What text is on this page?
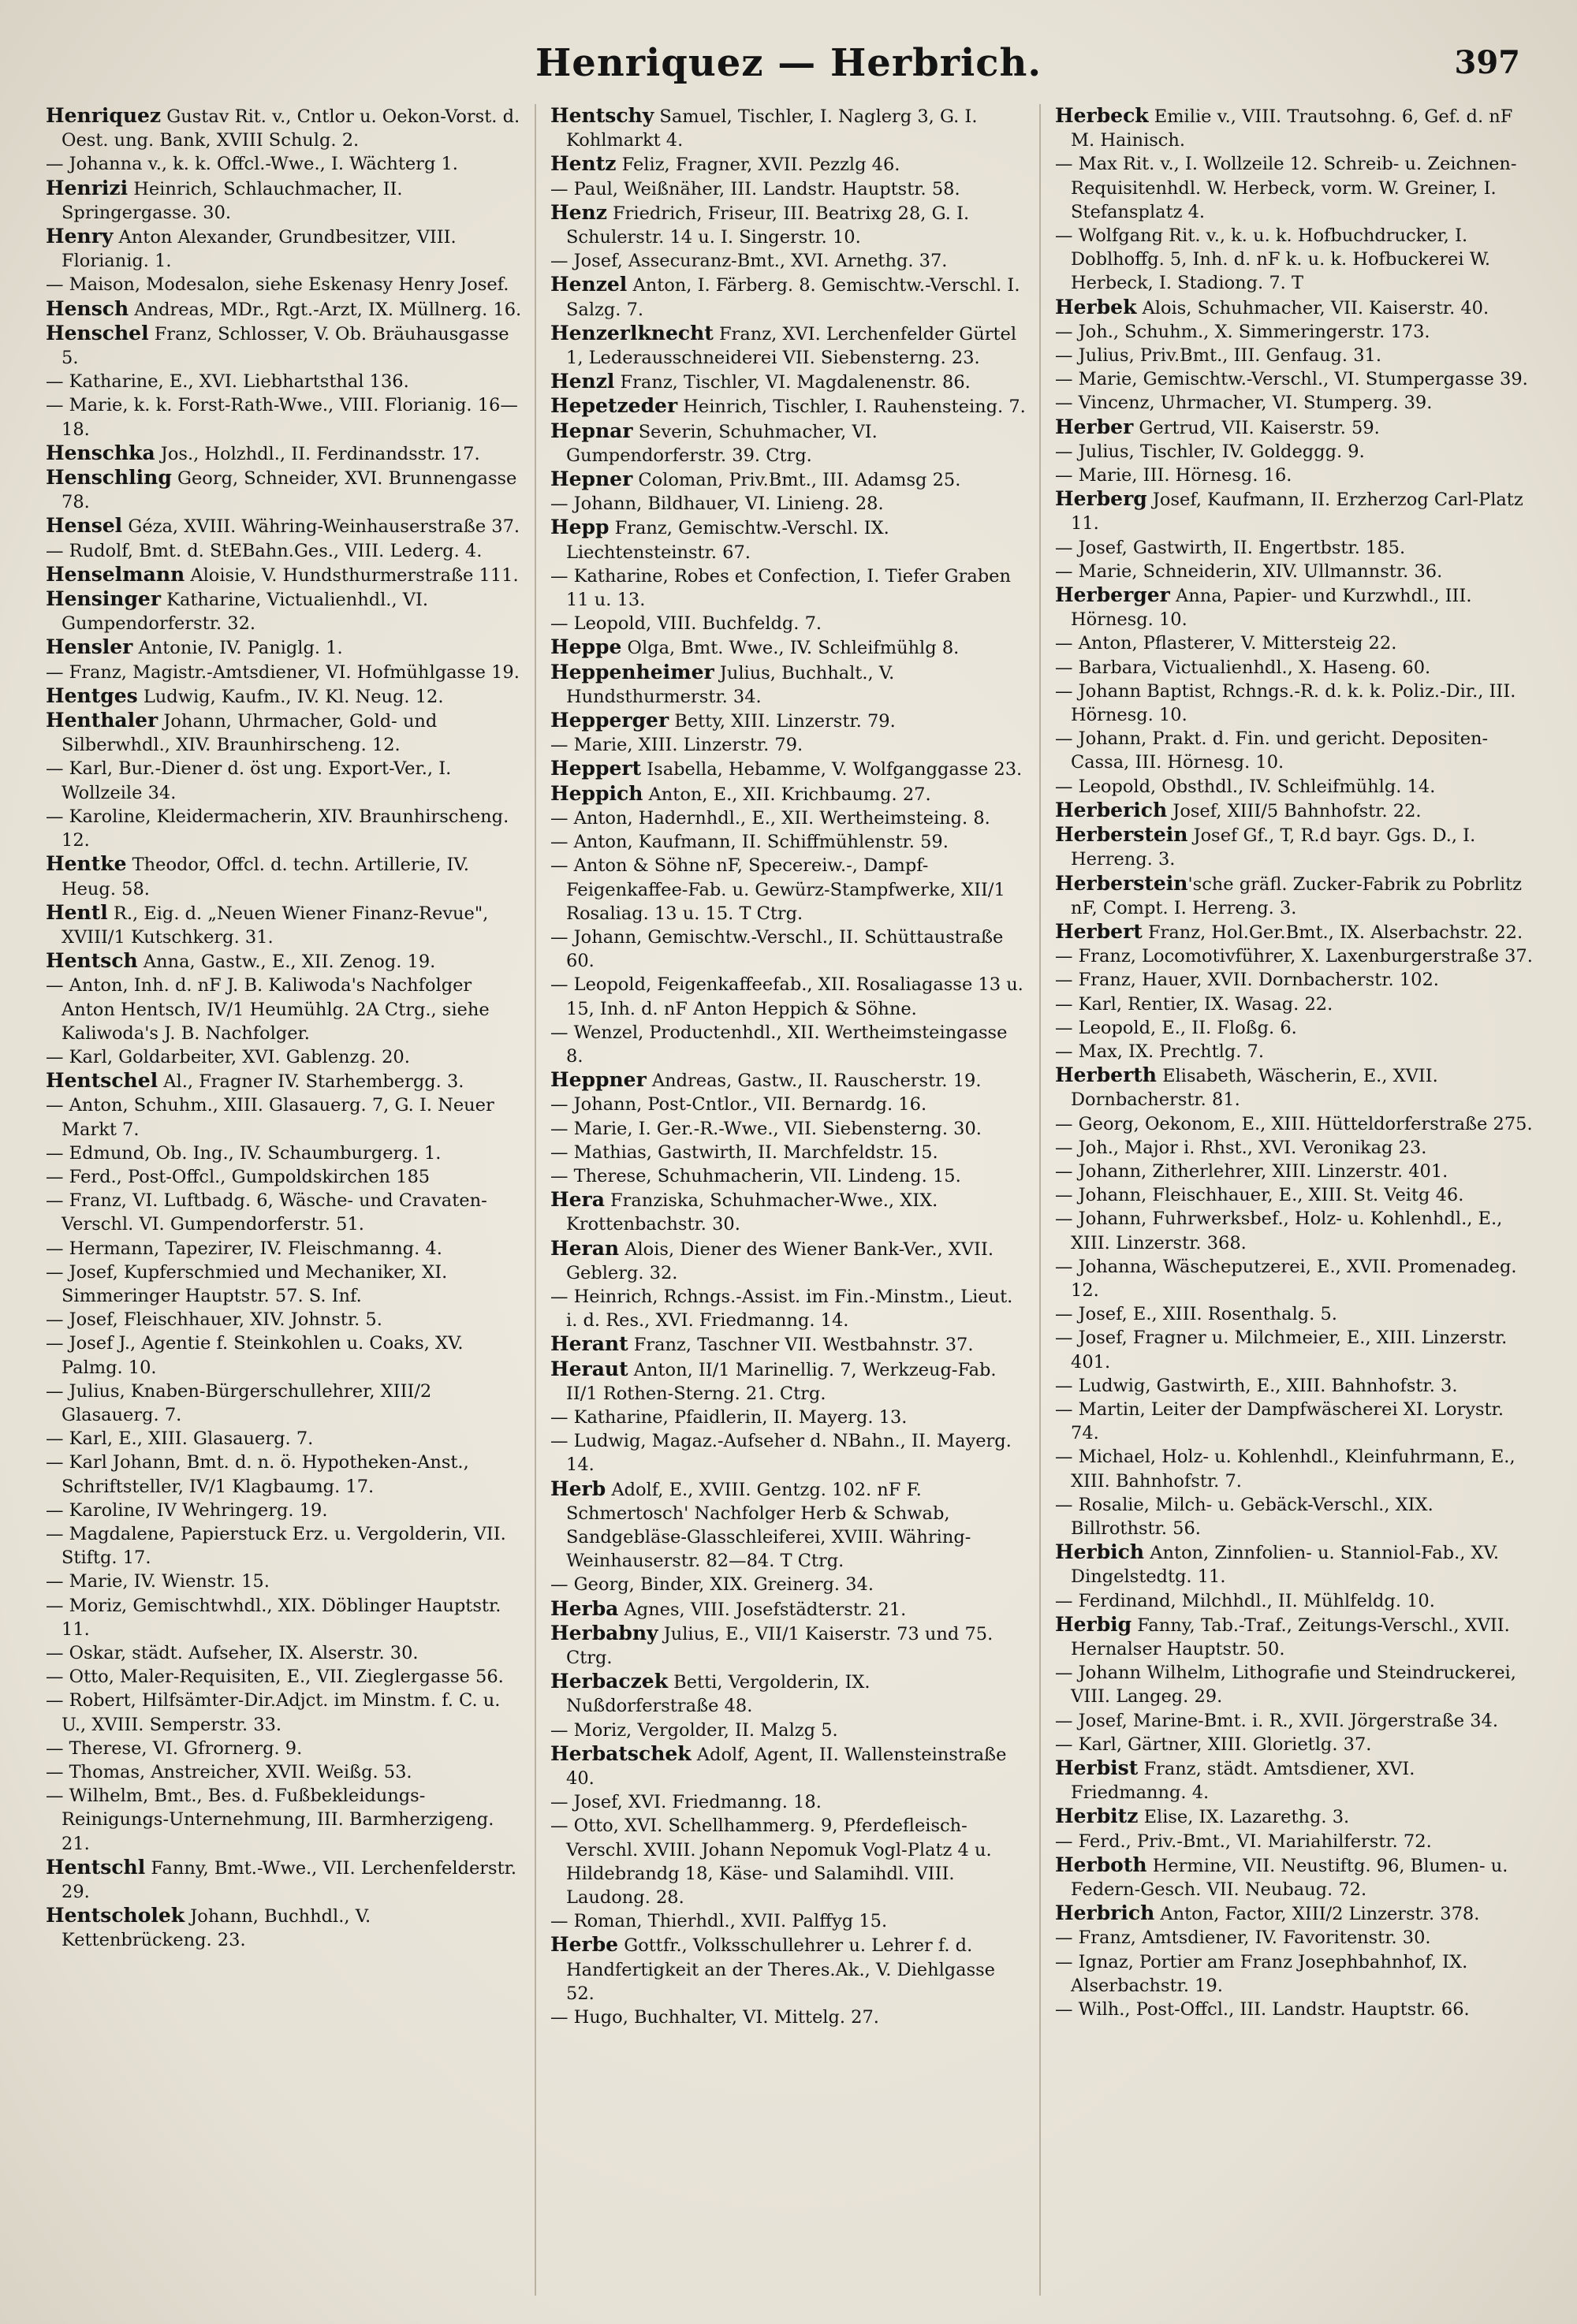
Henriquez — Herbrich.	397

Henriquez Gustav Rit. v., Cntlor u. Oekon-Vorst. d. Oest. ung. Bank, XVIII Schulg. 2.

— Johanna v., k. k. Offcl.-Wwe., I. Wächterg 1.

Henrizi Heinrich, Schlauchmacher, II. Springergasse. 30.

Henry Anton Alexander, Grundbesitzer, VIII. Florianig. 1.

— Maison, Modesalon, siehe Eskenasy Henry Josef.

Hensch Andreas, MDr., Rgt.-Arzt, IX. Müllnerg. 16.

Henschel Franz, Schlosser, V. Ob. Bräuhausgasse 5.

— Katharine, E., XVI. Liebhartsthal 136.

— Marie, k. k. Forst-Rath-Wwe., VIII. Florianig. 16—18.

Henschka Jos., Holzhdl., II. Ferdinandsstr. 17.

Henschling Georg, Schneider, XVI. Brunnengasse 78.

Hensel Géza, XVIII. Währing-Weinhauserstraße 37.

— Rudolf, Bmt. d. StEBahn.Ges., VIII. Lederg. 4.

Henselmann Aloisie, V. Hundsthurmerstraße 111.

Hensinger Katharine, Victualienhdl., VI. Gumpendorferstr. 32.

Hensler Antonie, IV. Paniglg. 1.

— Franz, Magistr.-Amtsdiener, VI. Hofmühlgasse 19.

Hentges Ludwig, Kaufm., IV. Kl. Neug. 12.

Henthaler Johann, Uhrmacher, Gold- und Silberwhdl., XIV. Braunhirscheng. 12.

— Karl, Bur.-Diener d. öst ung. Export-Ver., I. Wollzeile 34.

— Karoline, Kleidermacherin, XIV. Braunhirscheng. 12.

Hentke Theodor, Offcl. d. techn. Artillerie, IV. Heug. 58.

Hentl R., Eig. d. „Neuen Wiener Finanz-Revue", XVIII/1 Kutschkerg. 31.

Hentsch Anna, Gastw., E., XII. Zenog. 19.

— Anton, Inh. d. nF J. B. Kaliwoda's Nachfolger Anton Hentsch, IV/1 Heumühlg. 2A Ctrg., siehe Kaliwoda's J. B. Nachfolger.

— Karl, Goldarbeiter, XVI. Gablenzg. 20.

Hentschel Al., Fragner IV. Starhembergg. 3.

— Anton, Schuhm., XIII. Glasauerg. 7, G. I. Neuer Markt 7.

— Edmund, Ob. Ing., IV. Schaumburgerg. 1.

— Ferd., Post-Offcl., Gumpoldskirchen 185

— Franz, VI. Luftbadg. 6, Wäsche- und Cravaten-Verschl. VI. Gumpendorferstr. 51.

— Hermann, Tapezirer, IV. Fleischmanng. 4.

— Josef, Kupferschmied und Mechaniker, XI. Simmeringer Hauptstr. 57. S. Inf.

— Josef, Fleischhauer, XIV. Johnstr. 5.

— Josef J., Agentie f. Steinkohlen u. Coaks, XV. Palmg. 10.

— Julius, Knaben-Bürgerschullehrer, XIII/2 Glasauerg. 7.

— Karl, E., XIII. Glasauerg. 7.

— Karl Johann, Bmt. d. n. ö. Hypotheken-Anst., Schriftsteller, IV/1 Klagbaumg. 17.

— Karoline, IV Wehringerg. 19.

— Magdalene, Papierstuck Erz. u. Vergolderin, VII. Stiftg. 17.

— Marie, IV. Wienstr. 15.

— Moriz, Gemischtwhdl., XIX. Döblinger Hauptstr. 11.

— Oskar, städt. Aufseher, IX. Alserstr. 30.

— Otto, Maler-Requisiten, E., VII. Zieglergasse 56.

— Robert, Hilfsämter-Dir.Adjct. im Minstm. f. C. u. U., XVIII. Semperstr. 33.

— Therese, VI. Gfrornerg. 9.

— Thomas, Anstreicher, XVII. Weißg. 53.

— Wilhelm, Bmt., Bes. d. Fußbekleidungs-Reinigungs-Unternehmung, III. Barmherzigeng. 21.

Hentschl Fanny, Bmt.-Wwe., VII. Lerchenfelderstr. 29.

Hentscholek Johann, Buchhdl., V. Kettenbrückeng. 23.

Hentschy Samuel, Tischler, I. Naglerg 3, G. I. Kohlmarkt 4.

Hentz Feliz, Fragner, XVII. Pezzlg 46.

— Paul, Weißnäher, III. Landstr. Hauptstr. 58.

Henz Friedrich, Friseur, III. Beatrixg 28, G. I. Schulerstr. 14 u. I. Singerstr. 10.

— Josef, Assecuranz-Bmt., XVI. Arnethg. 37.

Henzel Anton, I. Färberg. 8. Gemischtw.-Verschl. I. Salzg. 7.

Henzerlknecht Franz, XVI. Lerchenfelder Gürtel 1, Lederausschneiderei VII. Siebensterng. 23.

Henzl Franz, Tischler, VI. Magdalenenstr. 86.

Hepetzeder Heinrich, Tischler, I. Rauhensteing. 7.

Hepnar Severin, Schuhmacher, VI. Gumpendorferstr. 39. Ctrg.

Hepner Coloman, Priv.Bmt., III. Adamsg 25.

— Johann, Bildhauer, VI. Linieng. 28.

Hepp Franz, Gemischtw.-Verschl. IX. Liechtensteinstr. 67.

— Katharine, Robes et Confection, I. Tiefer Graben 11 u. 13.

— Leopold, VIII. Buchfeldg. 7.

Heppe Olga, Bmt. Wwe., IV. Schleifmühlg 8.

Heppenheimer Julius, Buchhalt., V. Hundsthurmerstr. 34.

Hepperger Betty, XIII. Linzerstr. 79.

— Marie, XIII. Linzerstr. 79.

Heppert Isabella, Hebamme, V. Wolfganggasse 23.

Heppich Anton, E., XII. Krichbaumg. 27.

— Anton, Hadernhdl., E., XII. Wertheimsteing. 8.

— Anton, Kaufmann, II. Schiffmühlenstr. 59.

— Anton & Söhne nF, Specereiw.-, Dampf-Feigenkaffee-Fab. u. Gewürz-Stampfwerke, XII/1 Rosaliag. 13 u. 15. T Ctrg.

— Johann, Gemischtw.-Verschl., II. Schüttaustraße 60.

— Leopold, Feigenkaffeefab., XII. Rosaliagasse 13 u. 15, Inh. d. nF Anton Heppich & Söhne.

— Wenzel, Productenhdl., XII. Wertheimsteingasse 8.

Heppner Andreas, Gastw., II. Rauscherstr. 19.

— Johann, Post-Cntlor., VII. Bernardg. 16.

— Marie, I. Ger.-R.-Wwe., VII. Siebensterng. 30.

— Mathias, Gastwirth, II. Marchfeldstr. 15.

— Therese, Schuhmacherin, VII. Lindeng. 15.

Hera Franziska, Schuhmacher-Wwe., XIX. Krottenbachstr. 30.

Heran Alois, Diener des Wiener Bank-Ver., XVII. Geblerg. 32.

— Heinrich, Rchngs.-Assist. im Fin.-Minstm., Lieut. i. d. Res., XVI. Friedmanng. 14.

Herant Franz, Taschner VII. Westbahnstr. 37.

Heraut Anton, II/1 Marinellig. 7, Werkzeug-Fab. II/1 Rothen-Sterng. 21. Ctrg.

— Katharine, Pfaidlerin, II. Mayerg. 13.

— Ludwig, Magaz.-Aufseher d. NBahn., II. Mayerg. 14.

Herb Adolf, E., XVIII. Gentzg. 102. nF F. Schmertosch' Nachfolger Herb & Schwab, Sandgebläse-Glasschleiferei, XVIII. Währing-Weinhauserstr. 82—84. T Ctrg.

— Georg, Binder, XIX. Greinerg. 34.

Herba Agnes, VIII. Josefstädterstr. 21.

Herbabny Julius, E., VII/1 Kaiserstr. 73 und 75. Ctrg.

Herbaczek Betti, Vergolderin, IX. Nußdorferstraße 48.

— Moriz, Vergolder, II. Malzg 5.

Herbatschek Adolf, Agent, II. Wallensteinstraße 40.

— Josef, XVI. Friedmanng. 18.

— Otto, XVI. Schellhammerg. 9, Pferdefleisch-Verschl. XVIII. Johann Nepomuk Vogl-Platz 4 u. Hildebrandg 18, Käse- und Salamihdl. VIII. Laudong. 28.

— Roman, Thierhdl., XVII. Palffyg 15.

Herbe Gottfr., Volksschullehrer u. Lehrer f. d. Handfertigkeit an der Theres.Ak., V. Diehlgasse 52.

— Hugo, Buchhalter, VI. Mittelg. 27.

Herbeck Emilie v., VIII. Trautsohng. 6, Gef. d. nF M. Hainisch.

— Max Rit. v., I. Wollzeile 12. Schreib- u. Zeichnen-Requisitenhdl. W. Herbeck, vorm. W. Greiner, I. Stefansplatz 4.

— Wolfgang Rit. v., k. u. k. Hofbuchdrucker, I. Doblhoffg. 5, Inh. d. nF k. u. k. Hofbuckerei W. Herbeck, I. Stadiong. 7. T

Herbek Alois, Schuhmacher, VII. Kaiserstr. 40.

— Joh., Schuhm., X. Simmeringerstr. 173.

— Julius, Priv.Bmt., III. Genfaug. 31.

— Marie, Gemischtw.-Verschl., VI. Stumpergasse 39.

— Vincenz, Uhrmacher, VI. Stumperg. 39.

Herber Gertrud, VII. Kaiserstr. 59.

— Julius, Tischler, IV. Goldeggg. 9.

— Marie, III. Hörnesg. 16.

Herberg Josef, Kaufmann, II. Erzherzog Carl-Platz 11.

— Josef, Gastwirth, II. Engertbstr. 185.

— Marie, Schneiderin, XIV. Ullmannstr. 36.

Herberger Anna, Papier- und Kurzwhdl., III. Hörnesg. 10.

— Anton, Pflasterer, V. Mittersteig 22.

— Barbara, Victualienhdl., X. Haseng. 60.

— Johann Baptist, Rchngs.-R. d. k. k. Poliz.-Dir., III. Hörnesg. 10.

— Johann, Prakt. d. Fin. und gericht. Depositen-Cassa, III. Hörnesg. 10.

— Leopold, Obsthdl., IV. Schleifmühlg. 14.

Herberich Josef, XIII/5 Bahnhofstr. 22.

Herberstein Josef Gf., T, R.d bayr. Ggs. D., I. Herreng. 3.

Herberstein'sche gräfl. Zucker-Fabrik zu Pobrlitz nF, Compt. I. Herreng. 3.

Herbert Franz, Hol.Ger.Bmt., IX. Alserbachstr. 22.

— Franz, Locomotivführer, X. Laxenburgerstraße 37.

— Franz, Hauer, XVII. Dornbacherstr. 102.

— Karl, Rentier, IX. Wasag. 22.

— Leopold, E., II. Floßg. 6.

— Max, IX. Prechtlg. 7.

Herberth Elisabeth, Wäscherin, E., XVII. Dornbacherstr. 81.

— Georg, Oekonom, E., XIII. Hütteldorferstraße 275.

— Joh., Major i. Rhst., XVI. Veronikag 23.

— Johann, Zitherlehrer, XIII. Linzerstr. 401.

— Johann, Fleischhauer, E., XIII. St. Veitg 46.

— Johann, Fuhrwerksbef., Holz- u. Kohlenhdl., E., XIII. Linzerstr. 368.

— Johanna, Wäscheputzerei, E., XVII. Promenadeg. 12.

— Josef, E., XIII. Rosenthalg. 5.

— Josef, Fragner u. Milchmeier, E., XIII. Linzerstr. 401.

— Ludwig, Gastwirth, E., XIII. Bahnhofstr. 3.

— Martin, Leiter der Dampfwäscherei XI. Lorystr. 74.

— Michael, Holz- u. Kohlenhdl., Kleinfuhrmann, E., XIII. Bahnhofstr. 7.

— Rosalie, Milch- u. Gebäck-Verschl., XIX. Billrothstr. 56.

Herbich Anton, Zinnfolien- u. Stanniol-Fab., XV. Dingelstedtg. 11.

— Ferdinand, Milchhdl., II. Mühlfeldg. 10.

Herbig Fanny, Tab.-Traf., Zeitungs-Verschl., XVII. Hernalser Hauptstr. 50.

— Johann Wilhelm, Lithografie und Steindruckerei, VIII. Langeg. 29.

— Josef, Marine-Bmt. i. R., XVII. Jörgerstraße 34.

— Karl, Gärtner, XIII. Glorietlg. 37.

Herbist Franz, städt. Amtsdiener, XVI. Friedmanng. 4.

Herbitz Elise, IX. Lazarethg. 3.

— Ferd., Priv.-Bmt., VI. Mariahilferstr. 72.

Herboth Hermine, VII. Neustiftg. 96, Blumen- u. Federn-Gesch. VII. Neubaug. 72.

Herbrich Anton, Factor, XIII/2 Linzerstr. 378.

— Franz, Amtsdiener, IV. Favoritenstr. 30.

— Ignaz, Portier am Franz Josephbahnhof, IX. Alserbachstr. 19.

— Wilh., Post-Offcl., III. Landstr. Hauptstr. 66.
